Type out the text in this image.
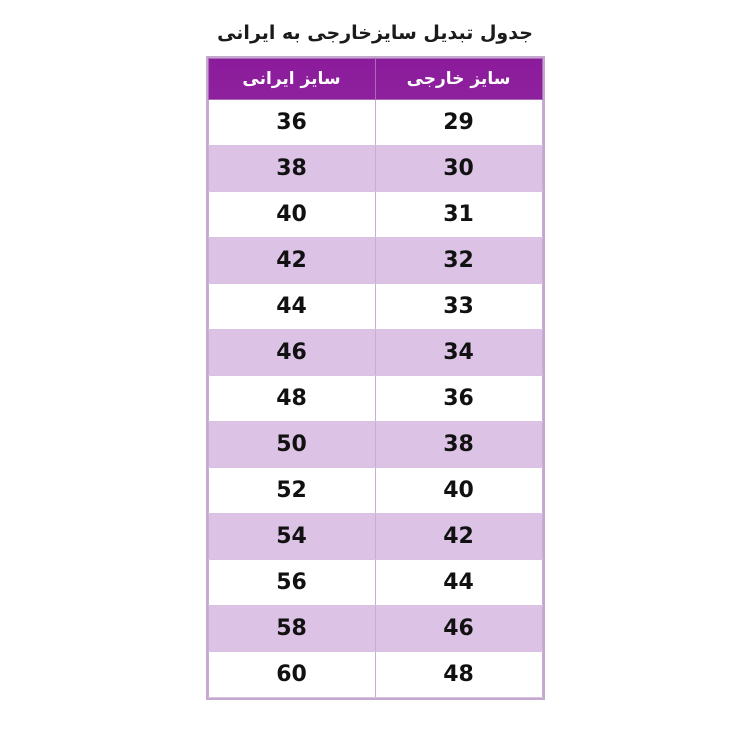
جدول تبدیل سایزخارجی به ایرانی
سایز خارجی	سایز ایرانی
29	36
30	38
31	40
32	42
33	44
34	46
36	48
38	50
40	52
42	54
44	56
46	58
48	60
